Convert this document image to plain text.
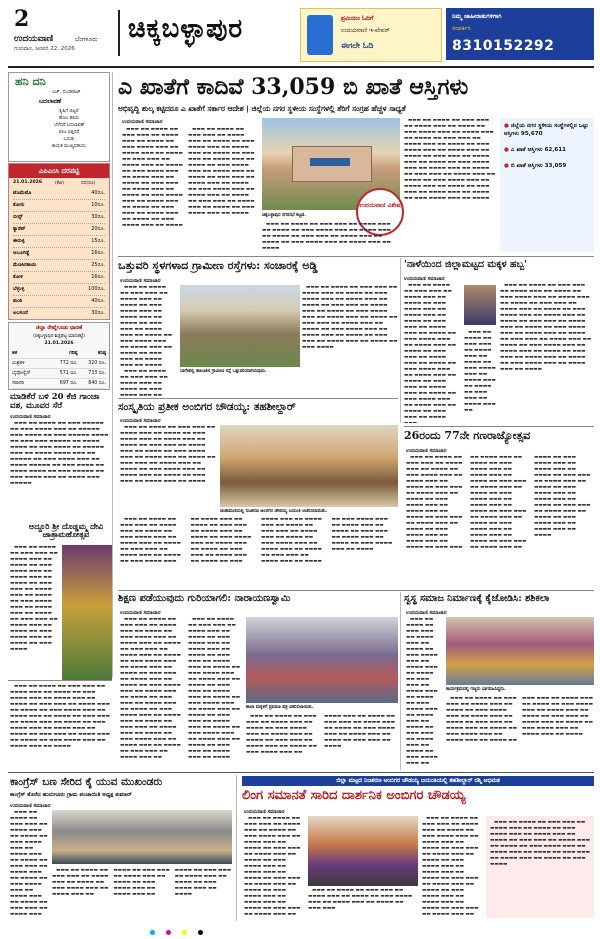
2
ಉದಯವಾಣಿ	ಬೆಂಗಳೂರು
ಗುರುವಾರ, ಜನವರಿ 22, 2026
ಚಿಕ್ಕಬಳ್ಳಾಪುರ	ಪ್ರಮಿಯಂ ಓದಿಗೆ
ಉದಯವಾಣಿ ಇ-ಪೇಪರ್
ಈಗಲೇ ಓದಿ
ನಿಮ್ಮ ಜಾಹೀರಾತುಗಳಿಗಾಗಿ
ಸಂಪರ್ಕಿಸಿ
8310152292
ಹನಿ ದನಿ
- ಎಚ್. ದುಂಡಿರಾಜ್
ಬದಲಾವಣೆ
ಕೃಷಿಗೆ ಬಿಟ್ಟರೆ
ಹೊಲ ಹಸಿರು
ಬೆಳೆದರೆ ಬದಲಾವಣೆ
ಬೀಜ ಬಿತ್ತಿದರೆ
ಬದುಕು
ಕಾಯಕ ಮುಖ್ಯವಹುದು
ಎಪಿಎಂಸಿ ದರಪಟ್ಟಿ
21.01.2026	(ಕೆಜಿ)	ದರ(ರೂ)
ಟೊಮೆಟೊ	40ರೂ.
ಕೋಸು	10ರೂ.
ಬೀನ್ಸ್	30ರೂ.
ಕ್ಯಾರೆಟ್	20ರೂ.
ಈರುಳ್ಳಿ	15ರೂ.
ಆಲೂಗಡ್ಡೆ	16ರೂ.
ಮೆಣಸಿನಕಾಯಿ	25ರೂ.
ಕೋಳಿ	16ರೂ.
ಬೆಳ್ಳುಳ್ಳಿ	100ರೂ.
ಶುಂಠಿ	40ರೂ.
ಅಲಸಂದೆ	30ರೂ.
ಜಿಲ್ಲಾ ರೇಷ್ಮೆಗೂಡು ಧಾರಣೆ
(ಚಿಕ್ಕಬಳ್ಳಾಪುರ-ಶಿಡ್ಲಘಟ್ಟ ಮಾರುಕಟ್ಟೆ)
21.01.2026
ತಳಿ	ಗರಿಷ್ಠ	ಕನಿಷ್ಠ
ಮಿಶ್ರತಳಿ	772 ರೂ.	320 ರೂ.
ಬೈವೋಲ್ಟಿನ್	571 ರೂ.	733 ರೂ.
ಸರಾಸರಿ	697 ರೂ.	840 ರೂ.
ಮಾಡಿಕೆರೆ ಬಳಿ 20 ಕೆಜಿ ಗಾಂಜಾ ವಶ, ಮೂವರ ಸೆರೆ
ಉದಯವಾಣಿ ಸಮಾಚಾರ

▬▬▬ ▬▬ ▬▬▬▬ ▬▬ ▬▬▬ ▬▬▬▬▬ ▬▬ ▬▬▬ ▬▬▬▬ ▬▬▬ ▬▬ ▬▬▬▬▬ ▬▬▬ ▬▬▬▬ ▬▬ ▬▬▬ ▬▬▬▬▬ ▬▬▬▬ ▬▬ ▬▬▬ ▬▬▬ ▬▬▬▬▬ ▬▬ ▬▬▬▬ ▬▬▬▬ ▬▬ ▬▬▬ ▬▬▬▬ ▬▬ ▬▬▬▬▬ ▬▬▬ ▬▬ ▬▬▬▬ ▬▬▬▬ ▬▬▬ ▬▬ ▬▬▬▬▬ ▬▬ ▬▬▬ ▬▬▬▬ ▬▬▬ ▬▬ ▬▬▬▬ ▬▬▬▬▬ ▬▬ ▬▬▬ ▬▬▬▬ ▬▬ ▬▬▬▬ ▬▬▬▬ ▬▬ ▬▬▬ ▬▬▬▬▬ ▬▬ ▬▬▬ ▬▬▬▬ ▬▬▬ ▬▬ ▬▬▬▬ ▬▬▬ ▬▬▬▬▬

ಅದ್ದೂರಿ ಶ್ರೀ ದೊಡ್ಡಮ್ಮ ದೇವಿ ಜಾತ್ರಾಮಹೋತ್ಸವ

▬▬▬ ▬▬ ▬▬▬▬ ▬▬ ▬▬▬ ▬▬▬ ▬▬ ▬▬▬▬ ▬▬▬ ▬▬ ▬▬▬▬ ▬▬ ▬▬▬ ▬▬▬▬ ▬▬▬ ▬▬ ▬▬▬▬ ▬▬▬ ▬▬ ▬▬▬▬ ▬▬ ▬▬▬ ▬▬▬ ▬▬ ▬▬▬▬ ▬▬▬ ▬▬ ▬▬▬▬ ▬▬ ▬▬▬ ▬▬▬▬ ▬▬▬ ▬▬ ▬▬▬▬ ▬▬▬ ▬▬ ▬▬▬▬ ▬▬ ▬▬▬ ▬▬▬ ▬▬ ▬▬▬▬ ▬▬▬ ▬▬ ▬▬▬▬ ▬▬ ▬▬▬ ▬▬▬▬ ▬▬▬ ▬▬ ▬▬▬▬ ▬▬ ▬▬▬ ▬▬▬▬

ಎ ಖಾತೆಗೆ ಕಾದಿವೆ 33,059 ಬಿ ಖಾತೆ ಆಸ್ತಿಗಳು
ಅಭಿವೃದ್ಧಿ ಶುಲ್ಕ ಕಟ್ಟಿದರೂ ಎ ಖಾತೆಗೆ ಸರ್ಕಾರ ಆದೇಶ | ಜಿಲ್ಲೆಯ ನಗರ ಸ್ಥಳೀಯ ಸಂಸ್ಥೆಗಳಲ್ಲಿ ತೆರಿಗೆ ಸಂಗ್ರಹ ಹೆಚ್ಚಳ ಸಾಧ್ಯತೆ
ಉದಯವಾಣಿ ಸಮಾಚಾರ

▬▬▬ ▬▬ ▬▬▬▬ ▬▬ ▬▬▬ ▬▬▬ ▬▬ ▬▬▬▬ ▬▬▬ ▬▬ ▬▬▬▬ ▬▬ ▬▬▬ ▬▬▬▬ ▬▬▬ ▬▬ ▬▬▬▬ ▬▬▬ ▬▬ ▬▬▬▬ ▬▬ ▬▬▬ ▬▬▬ ▬▬ ▬▬▬▬ ▬▬▬ ▬▬ ▬▬▬▬ ▬▬ ▬▬▬ ▬▬▬▬ ▬▬▬ ▬▬ ▬▬▬▬ ▬▬▬ ▬▬ ▬▬▬▬ ▬▬ ▬▬▬ ▬▬▬ ▬▬ ▬▬▬▬ ▬▬▬ ▬▬ ▬▬▬▬ ▬▬ ▬▬▬ ▬▬▬▬ ▬▬▬ ▬▬ ▬▬▬▬ ▬▬▬ ▬▬ ▬▬▬▬ ▬▬ ▬▬▬ ▬▬▬ ▬▬ ▬▬▬▬ ▬▬▬ ▬▬ ▬▬▬▬ ▬▬ ▬▬▬ ▬▬▬▬ ▬▬▬ ▬▬ ▬▬▬▬

▬▬▬ ▬▬ ▬▬▬▬ ▬▬ ▬▬▬ ▬▬▬ ▬▬ ▬▬▬▬ ▬▬▬ ▬▬ ▬▬▬▬ ▬▬ ▬▬▬ ▬▬▬▬ ▬▬▬ ▬▬ ▬▬▬▬ ▬▬▬ ▬▬ ▬▬▬▬ ▬▬ ▬▬▬ ▬▬▬ ▬▬ ▬▬▬▬ ▬▬▬ ▬▬ ▬▬▬▬ ▬▬ ▬▬▬ ▬▬▬▬ ▬▬▬ ▬▬ ▬▬▬▬ ▬▬▬ ▬▬ ▬▬▬▬ ▬▬ ▬▬▬ ▬▬▬ ▬▬ ▬▬▬▬ ▬▬▬ ▬▬ ▬▬▬▬ ▬▬ ▬▬▬ ▬▬▬▬ ▬▬▬ ▬▬ ▬▬▬▬ ▬▬▬ ▬▬ ▬▬▬▬ ▬▬ ▬▬▬ ▬▬▬ ▬▬ ▬▬▬▬ ▬▬▬ ▬▬ ▬▬▬▬ ▬▬ ▬▬▬ ▬▬▬▬ ▬▬▬ ▬▬ ▬▬▬▬

ಉದಯವಾಣಿ ವಿಶೇಷ
ಚಿಕ್ಕಬಳ್ಳಾಪುರ ನಗರಸಭೆ ಕಟ್ಟಡ.

▬▬▬ ▬▬ ▬▬▬▬ ▬▬ ▬▬▬ ▬▬▬ ▬▬ ▬▬▬▬ ▬▬▬ ▬▬ ▬▬▬▬ ▬▬ ▬▬▬ ▬▬▬▬ ▬▬▬ ▬▬ ▬▬▬▬ ▬▬▬ ▬▬ ▬▬▬▬ ▬▬ ▬▬▬ ▬▬▬ ▬▬ ▬▬▬▬ ▬▬▬ ▬▬ ▬▬▬▬ ▬▬ ▬▬▬ ▬▬▬▬ ▬▬▬ ▬▬ ▬▬▬▬ ▬▬▬ ▬▬ ▬▬▬▬

▬▬▬ ▬▬ ▬▬▬▬ ▬▬ ▬▬▬ ▬▬▬ ▬▬ ▬▬▬▬ ▬▬▬ ▬▬ ▬▬▬▬ ▬▬ ▬▬▬ ▬▬▬▬ ▬▬▬ ▬▬ ▬▬▬▬ ▬▬▬ ▬▬ ▬▬▬▬ ▬▬ ▬▬▬ ▬▬▬ ▬▬ ▬▬▬▬ ▬▬▬ ▬▬ ▬▬▬▬ ▬▬ ▬▬▬ ▬▬▬▬ ▬▬▬ ▬▬ ▬▬▬▬ ▬▬▬ ▬▬ ▬▬▬▬ ▬▬ ▬▬▬ ▬▬▬ ▬▬ ▬▬▬▬ ▬▬▬ ▬▬ ▬▬▬▬ ▬▬ ▬▬▬ ▬▬▬▬ ▬▬▬ ▬▬ ▬▬▬▬ ▬▬▬ ▬▬ ▬▬▬▬ ▬▬ ▬▬▬ ▬▬▬ ▬▬ ▬▬▬▬ ▬▬▬ ▬▬ ▬▬▬▬ ▬▬ ▬▬▬ ▬▬▬▬ ▬▬▬ ▬▬ ▬▬▬▬ ▬▬▬ ▬▬ ▬▬▬▬ ▬▬ ▬▬▬ ▬▬▬ ▬▬ ▬▬▬▬ ▬▬▬ ▬▬ ▬▬▬▬ ▬▬ ▬▬▬ ▬▬▬▬ ▬▬▬ ▬▬ ▬▬▬▬

● ಜಿಲ್ಲೆಯ ನಗರ ಸ್ಥಳೀಯ ಸಂಸ್ಥೆಗಳಲ್ಲಿನ ಒಟ್ಟು ಆಸ್ತಿಗಳು 95,670
● ಎ ಖಾತೆ ಆಸ್ತಿಗಳು 62,611
● ಬಿ ಖಾತೆ ಆಸ್ತಿಗಳು 33,059
ಒತ್ತುವರಿ ಸ್ಥಳಗಳಾದ ಗ್ರಾಮೀಣ ರಸ್ತೆಗಳು: ಸಂಚಾರಕ್ಕೆ ಅಡ್ಡಿ
ಉದಯವಾಣಿ ಸಮಾಚಾರ

▬▬▬ ▬▬ ▬▬▬▬ ▬▬ ▬▬▬ ▬▬▬ ▬▬ ▬▬▬▬ ▬▬▬ ▬▬ ▬▬▬▬ ▬▬ ▬▬▬ ▬▬▬▬ ▬▬▬ ▬▬ ▬▬▬▬ ▬▬▬ ▬▬ ▬▬▬▬ ▬▬ ▬▬▬ ▬▬▬ ▬▬ ▬▬▬▬ ▬▬▬ ▬▬ ▬▬▬▬ ▬▬ ▬▬▬ ▬▬▬▬ ▬▬▬ ▬▬ ▬▬▬▬ ▬▬▬ ▬▬ ▬▬▬▬ ▬▬ ▬▬▬ ▬▬▬ ▬▬ ▬▬▬▬ ▬▬▬ ▬▬ ▬▬▬▬

▬▬▬ ▬▬ ▬▬▬▬ ▬▬ ▬▬▬ ▬▬▬ ▬▬ ▬▬▬▬ ▬▬▬ ▬▬ ▬▬▬▬ ▬▬ ▬▬▬ ▬▬▬▬ ▬▬▬ ▬▬ ▬▬▬▬ ▬▬▬ ▬▬ ▬▬▬▬ ▬▬ ▬▬▬ ▬▬▬ ▬▬ ▬▬▬▬ ▬▬▬ ▬▬ ▬▬▬▬ ▬▬ ▬▬▬ ▬▬▬▬ ▬▬▬ ▬▬ ▬▬▬▬ ▬▬▬ ▬▬ ▬▬▬▬ ▬▬ ▬▬▬ ▬▬▬ ▬▬ ▬▬▬▬ ▬▬▬ ▬▬ ▬▬▬▬ ▬▬ ▬▬▬ ▬▬▬▬ ▬▬▬ ▬▬ ▬▬▬▬ ▬▬▬ ▬▬ ▬▬▬▬ ▬▬ ▬▬▬ ▬▬▬ ▬▬ ▬▬▬▬ ▬▬▬ ▬▬ ▬▬▬▬ ▬▬ ▬▬▬ ▬▬▬▬

ಬಾಗೇಪಲ್ಲಿ ತಾಲೂಕಿನ ಗ್ರಾಮೀಣ ರಸ್ತೆ ಒತ್ತುವರಿಯಾಗಿರುವುದು.

▬▬▬ ▬▬ ▬▬▬▬ ▬▬ ▬▬▬ ▬▬▬ ▬▬ ▬▬▬▬ ▬▬▬ ▬▬ ▬▬▬▬ ▬▬ ▬▬▬ ▬▬▬▬ ▬▬▬ ▬▬

'ನಾಳೆಯಿಂದ ಜಿಲ್ಲಾಮಟ್ಟದ ಮಕ್ಕಳ ಹಬ್ಬ'
ಉದಯವಾಣಿ ಸಮಾಚಾರ

▬▬▬ ▬▬ ▬▬▬▬ ▬▬ ▬▬▬ ▬▬▬ ▬▬ ▬▬▬▬ ▬▬▬ ▬▬ ▬▬▬▬ ▬▬ ▬▬▬ ▬▬▬▬ ▬▬▬ ▬▬ ▬▬▬▬ ▬▬▬ ▬▬ ▬▬▬▬ ▬▬ ▬▬▬ ▬▬▬ ▬▬ ▬▬▬▬ ▬▬▬ ▬▬ ▬▬▬▬ ▬▬ ▬▬▬ ▬▬▬▬ ▬▬▬ ▬▬ ▬▬▬▬ ▬▬▬ ▬▬ ▬▬▬▬ ▬▬ ▬▬▬ ▬▬▬ ▬▬ ▬▬▬▬ ▬▬▬ ▬▬ ▬▬▬▬ ▬▬ ▬▬▬ ▬▬▬▬ ▬▬▬ ▬▬ ▬▬▬▬ ▬▬▬ ▬▬ ▬▬▬▬ ▬▬ ▬▬▬ ▬▬▬ ▬▬ ▬▬▬▬ ▬▬▬ ▬▬ ▬▬▬▬ ▬▬ ▬▬▬ ▬▬▬▬ ▬▬▬ ▬▬ ▬▬▬▬ ▬▬▬ ▬▬ ▬▬▬▬ ▬▬ ▬▬▬ ▬▬▬ ▬▬ ▬▬▬▬

▬▬▬ ▬▬ ▬▬▬▬ ▬▬ ▬▬▬ ▬▬▬ ▬▬ ▬▬▬▬ ▬▬▬ ▬▬ ▬▬▬▬ ▬▬ ▬▬▬ ▬▬▬▬ ▬▬▬ ▬▬ ▬▬▬▬ ▬▬▬ ▬▬ ▬▬▬▬ ▬▬ ▬▬▬ ▬▬▬ ▬▬ ▬▬▬▬ ▬▬▬ ▬▬ ▬▬▬▬ ▬▬ ▬▬▬ ▬▬▬▬ ▬▬▬ ▬▬ ▬▬▬▬ ▬▬▬ ▬▬ ▬▬▬▬ ▬▬ ▬▬▬ ▬▬▬ ▬▬ ▬▬▬▬ ▬▬▬ ▬▬ ▬▬▬▬ ▬▬ ▬▬▬ ▬▬▬▬ ▬▬▬ ▬▬ ▬▬▬▬ ▬▬▬ ▬▬ ▬▬▬▬ ▬▬ ▬▬▬ ▬▬▬ ▬▬ ▬▬▬▬ ▬▬▬ ▬▬ ▬▬▬▬ ▬▬ ▬▬▬ ▬▬▬▬ ▬▬▬ ▬▬ ▬▬▬▬ ▬▬▬ ▬▬ ▬▬▬▬ ▬▬ ▬▬▬ ▬▬▬ ▬▬ ▬▬▬▬ ▬▬▬ ▬▬ ▬▬▬▬ ▬▬ ▬▬▬ ▬▬▬▬ ▬▬▬ ▬▬ ▬▬▬▬ ▬▬▬ ▬▬ ▬▬▬▬

▬▬▬ ▬▬ ▬▬▬▬ ▬▬ ▬▬▬ ▬▬▬ ▬▬ ▬▬▬▬ ▬▬▬ ▬▬ ▬▬▬▬ ▬▬ ▬▬▬ ▬▬▬▬ ▬▬▬ ▬▬ ▬▬▬▬ ▬▬▬ ▬▬ ▬▬▬▬ ▬▬ ▬▬▬ ▬▬▬ ▬▬ ▬▬▬▬ ▬▬▬ ▬▬

ಸಂಸ್ಕೃತಿಯ ಪ್ರತೀಕ ಅಂಬಿಗರ ಚೌಡಯ್ಯ: ತಹಶೀಲ್ದಾರ್
ಉದಯವಾಣಿ ಸಮಾಚಾರ

▬▬▬ ▬▬ ▬▬▬▬ ▬▬ ▬▬▬ ▬▬▬ ▬▬ ▬▬▬▬ ▬▬▬ ▬▬ ▬▬▬▬ ▬▬ ▬▬▬ ▬▬▬▬ ▬▬▬ ▬▬ ▬▬▬▬ ▬▬▬ ▬▬ ▬▬▬▬ ▬▬ ▬▬▬ ▬▬▬ ▬▬ ▬▬▬▬ ▬▬▬ ▬▬ ▬▬▬▬ ▬▬ ▬▬▬ ▬▬▬▬ ▬▬▬ ▬▬ ▬▬▬▬ ▬▬▬ ▬▬ ▬▬▬▬ ▬▬ ▬▬▬ ▬▬▬ ▬▬ ▬▬▬▬ ▬▬▬ ▬▬ ▬▬▬▬ ▬▬ ▬▬▬ ▬▬▬▬ ▬▬▬ ▬▬ ▬▬▬▬ ▬▬▬ ▬▬ ▬▬▬▬ ▬▬ ▬▬▬ ▬▬▬ ▬▬ ▬▬▬▬ ▬▬▬ ▬▬ ▬▬▬▬

ಚಿಂತಾಮಣಿಯಲ್ಲಿ ನಿಜಶರಣ ಅಂಬಿಗರ ಚೌಡಯ್ಯ ಜಯಂತಿ ಆಚರಿಸಲಾಯಿತು.

▬▬▬ ▬▬ ▬▬▬▬ ▬▬ ▬▬▬ ▬▬▬ ▬▬ ▬▬▬▬ ▬▬▬ ▬▬ ▬▬▬▬ ▬▬ ▬▬▬ ▬▬▬▬ ▬▬▬ ▬▬ ▬▬▬▬ ▬▬▬ ▬▬ ▬▬▬▬ ▬▬ ▬▬▬ ▬▬▬ ▬▬ ▬▬▬▬ ▬▬▬ ▬▬ ▬▬▬▬ ▬▬ ▬▬▬ ▬▬▬▬ ▬▬▬ ▬▬ ▬▬▬▬ ▬▬▬ ▬▬ ▬▬▬▬ ▬▬ ▬▬▬ ▬▬▬ ▬▬ ▬▬▬▬ ▬▬▬ ▬▬ ▬▬▬▬ ▬▬ ▬▬▬ ▬▬▬▬ ▬▬▬ ▬▬ ▬▬▬▬ ▬▬▬ ▬▬ ▬▬▬▬ ▬▬ ▬▬▬ ▬▬▬ ▬▬ ▬▬▬▬ ▬▬▬ ▬▬ ▬▬▬▬ ▬▬ ▬▬▬ ▬▬▬▬ ▬▬▬ ▬▬ ▬▬▬▬ ▬▬▬ ▬▬ ▬▬▬▬ ▬▬ ▬▬▬ ▬▬▬ ▬▬ ▬▬▬▬ ▬▬▬ ▬▬ ▬▬▬▬ ▬▬ ▬▬▬ ▬▬▬▬ ▬▬▬ ▬▬ ▬▬▬▬ ▬▬▬ ▬▬ ▬▬▬▬ ▬▬ ▬▬▬ ▬▬▬ ▬▬ ▬▬▬▬ ▬▬▬ ▬▬ ▬▬▬▬ ▬▬ ▬▬▬ ▬▬▬▬ ▬▬▬ ▬▬ ▬▬▬▬ ▬▬▬ ▬▬ ▬▬▬▬ ▬▬ ▬▬▬ ▬▬▬ ▬▬ ▬▬▬▬ ▬▬▬ ▬▬ ▬▬▬▬ ▬▬ ▬▬▬ ▬▬▬▬ ▬▬▬ ▬▬ ▬▬▬▬

26ರಂದು 77ನೇ ಗಣರಾಜ್ಯೋತ್ಸವ
ಉದಯವಾಣಿ ಸಮಾಚಾರ

▬▬▬ ▬▬ ▬▬▬▬ ▬▬ ▬▬▬ ▬▬▬ ▬▬ ▬▬▬▬ ▬▬▬ ▬▬ ▬▬▬▬ ▬▬ ▬▬▬ ▬▬▬▬ ▬▬▬ ▬▬ ▬▬▬▬ ▬▬▬ ▬▬ ▬▬▬▬ ▬▬ ▬▬▬ ▬▬▬ ▬▬ ▬▬▬▬ ▬▬▬ ▬▬ ▬▬▬▬ ▬▬ ▬▬▬ ▬▬▬▬ ▬▬▬ ▬▬ ▬▬▬▬ ▬▬▬ ▬▬ ▬▬▬▬ ▬▬ ▬▬▬ ▬▬▬ ▬▬ ▬▬▬▬ ▬▬▬ ▬▬ ▬▬▬▬ ▬▬ ▬▬▬ ▬▬▬▬ ▬▬▬ ▬▬ ▬▬▬▬ ▬▬▬ ▬▬ ▬▬▬▬ ▬▬ ▬▬▬ ▬▬▬ ▬▬ ▬▬▬▬ ▬▬▬ ▬▬ ▬▬▬▬ ▬▬ ▬▬▬ ▬▬▬▬ ▬▬▬ ▬▬ ▬▬▬▬ ▬▬▬ ▬▬ ▬▬▬▬ ▬▬ ▬▬▬ ▬▬▬ ▬▬ ▬▬▬▬ ▬▬▬ ▬▬ ▬▬▬▬ ▬▬ ▬▬▬ ▬▬▬▬ ▬▬▬ ▬▬ ▬▬▬▬ ▬▬▬ ▬▬ ▬▬▬▬ ▬▬ ▬▬▬ ▬▬▬ ▬▬ ▬▬▬▬ ▬▬▬ ▬▬ ▬▬▬▬ ▬▬ ▬▬▬ ▬▬▬▬ ▬▬▬ ▬▬ ▬▬▬▬ ▬▬▬ ▬▬ ▬▬▬▬ ▬▬ ▬▬▬ ▬▬▬ ▬▬ ▬▬▬▬ ▬▬▬ ▬▬ ▬▬▬▬ ▬▬ ▬▬▬ ▬▬▬▬ ▬▬▬ ▬▬ ▬▬▬▬ ▬▬▬ ▬▬ ▬▬▬▬ ▬▬ ▬▬▬ ▬▬▬ ▬▬ ▬▬▬▬ ▬▬▬ ▬▬ ▬▬▬▬ ▬▬ ▬▬▬ ▬▬▬▬ ▬▬▬ ▬▬ ▬▬▬▬ ▬▬▬ ▬▬ ▬▬▬▬ ▬▬ ▬▬▬ ▬▬▬ ▬▬ ▬▬▬▬ ▬▬▬ ▬▬ ▬▬▬▬ ▬▬ ▬▬▬ ▬▬▬▬ ▬▬▬ ▬▬ ▬▬▬▬ ▬▬▬ ▬▬ ▬▬▬▬

ಶಿಕ್ಷಣ ಪಡೆಯುವುದು ಗುರಿಯಾಗಲಿ: ನಾರಾಯಣಸ್ವಾಮಿ
ಉದಯವಾಣಿ ಸಮಾಚಾರ

▬▬▬ ▬▬ ▬▬▬▬ ▬▬ ▬▬▬ ▬▬▬ ▬▬ ▬▬▬▬ ▬▬▬ ▬▬ ▬▬▬▬ ▬▬ ▬▬▬ ▬▬▬▬ ▬▬▬ ▬▬ ▬▬▬▬ ▬▬▬ ▬▬ ▬▬▬▬ ▬▬ ▬▬▬ ▬▬▬ ▬▬ ▬▬▬▬ ▬▬▬ ▬▬ ▬▬▬▬ ▬▬ ▬▬▬ ▬▬▬▬ ▬▬▬ ▬▬ ▬▬▬▬ ▬▬▬ ▬▬ ▬▬▬▬ ▬▬ ▬▬▬ ▬▬▬ ▬▬ ▬▬▬▬ ▬▬▬ ▬▬ ▬▬▬▬ ▬▬ ▬▬▬ ▬▬▬▬ ▬▬▬ ▬▬ ▬▬▬▬ ▬▬▬ ▬▬ ▬▬▬▬ ▬▬ ▬▬▬ ▬▬▬ ▬▬ ▬▬▬▬ ▬▬▬ ▬▬ ▬▬▬▬ ▬▬ ▬▬▬ ▬▬▬▬ ▬▬▬ ▬▬ ▬▬▬▬ ▬▬▬ ▬▬ ▬▬▬▬ ▬▬ ▬▬▬ ▬▬▬ ▬▬ ▬▬▬▬ ▬▬▬ ▬▬ ▬▬▬▬ ▬▬ ▬▬▬ ▬▬▬▬ ▬▬▬ ▬▬ ▬▬▬▬ ▬▬▬ ▬▬ ▬▬▬▬ ▬▬ ▬▬▬ ▬▬▬ ▬▬ ▬▬▬▬ ▬▬▬ ▬▬

▬▬▬ ▬▬ ▬▬▬▬ ▬▬ ▬▬▬ ▬▬▬ ▬▬ ▬▬▬▬ ▬▬▬ ▬▬ ▬▬▬▬ ▬▬ ▬▬▬ ▬▬▬▬ ▬▬▬ ▬▬ ▬▬▬▬ ▬▬▬ ▬▬ ▬▬▬▬ ▬▬ ▬▬▬ ▬▬▬ ▬▬ ▬▬▬▬ ▬▬▬ ▬▬ ▬▬▬▬ ▬▬ ▬▬▬ ▬▬▬▬ ▬▬▬ ▬▬ ▬▬▬▬ ▬▬▬ ▬▬ ▬▬▬▬ ▬▬ ▬▬▬ ▬▬▬ ▬▬ ▬▬▬▬ ▬▬▬ ▬▬ ▬▬▬▬ ▬▬ ▬▬▬ ▬▬▬▬ ▬▬▬ ▬▬ ▬▬▬▬ ▬▬▬ ▬▬ ▬▬▬▬ ▬▬ ▬▬▬ ▬▬▬ ▬▬ ▬▬▬▬ ▬▬▬ ▬▬ ▬▬▬▬ ▬▬ ▬▬▬ ▬▬▬▬ ▬▬▬ ▬▬ ▬▬▬▬ ▬▬▬ ▬▬ ▬▬▬▬ ▬▬ ▬▬▬ ▬▬▬ ▬▬ ▬▬▬▬ ▬▬▬ ▬▬ ▬▬▬▬

ಶಾಲಾ ಮಕ್ಕಳಿಗೆ ಪ್ರಮಾಣ ಪತ್ರ ವಿತರಿಸಲಾಯಿತು.

▬▬▬ ▬▬ ▬▬▬▬ ▬▬ ▬▬▬ ▬▬▬ ▬▬ ▬▬▬▬ ▬▬▬ ▬▬ ▬▬▬▬ ▬▬ ▬▬▬ ▬▬▬▬ ▬▬▬ ▬▬ ▬▬▬▬ ▬▬▬ ▬▬ ▬▬▬▬ ▬▬ ▬▬▬ ▬▬▬ ▬▬ ▬▬▬▬ ▬▬▬ ▬▬ ▬▬▬▬ ▬▬ ▬▬▬ ▬▬▬▬ ▬▬▬ ▬▬ ▬▬▬▬ ▬▬▬ ▬▬ ▬▬▬▬ ▬▬ ▬▬▬ ▬▬▬ ▬▬ ▬▬▬▬ ▬▬▬ ▬▬ ▬▬▬▬ ▬▬ ▬▬▬ ▬▬▬▬ ▬▬▬ ▬▬ ▬▬▬▬ ▬▬▬ ▬▬ ▬▬▬▬ ▬▬ ▬▬▬ ▬▬▬ ▬▬ ▬▬▬▬

ಸ್ವಸ್ಥ ಸಮಾಜ ನಿರ್ಮಾಣಕ್ಕೆ ಕೈಜೋಡಿಸಿ: ಶಶಿಕಲಾ
ಉದಯವಾಣಿ ಸಮಾಚಾರ

▬▬▬ ▬▬ ▬▬▬▬ ▬▬ ▬▬▬ ▬▬▬ ▬▬ ▬▬▬▬ ▬▬▬ ▬▬ ▬▬▬▬ ▬▬ ▬▬▬ ▬▬▬▬ ▬▬▬ ▬▬ ▬▬▬▬ ▬▬▬ ▬▬ ▬▬▬▬ ▬▬ ▬▬▬ ▬▬▬ ▬▬ ▬▬▬▬ ▬▬▬ ▬▬ ▬▬▬▬ ▬▬ ▬▬▬ ▬▬▬▬ ▬▬▬ ▬▬ ▬▬▬▬ ▬▬▬ ▬▬ ▬▬▬▬ ▬▬ ▬▬▬ ▬▬▬ ▬▬ ▬▬▬▬ ▬▬▬ ▬▬ ▬▬▬▬ ▬▬ ▬▬▬ ▬▬▬▬ ▬▬▬ ▬▬

ಕಾರ್ಯಕ್ರಮದಲ್ಲಿ ಗಣ್ಯರು ಭಾಗವಹಿಸಿದ್ದರು.

▬▬▬ ▬▬ ▬▬▬▬ ▬▬ ▬▬▬ ▬▬▬ ▬▬ ▬▬▬▬ ▬▬▬ ▬▬ ▬▬▬▬ ▬▬ ▬▬▬ ▬▬▬▬ ▬▬▬ ▬▬ ▬▬▬▬ ▬▬▬ ▬▬ ▬▬▬▬ ▬▬ ▬▬▬ ▬▬▬ ▬▬ ▬▬▬▬ ▬▬▬ ▬▬ ▬▬▬▬ ▬▬ ▬▬▬ ▬▬▬▬ ▬▬▬ ▬▬ ▬▬▬▬ ▬▬▬ ▬▬ ▬▬▬▬ ▬▬ ▬▬▬ ▬▬▬ ▬▬ ▬▬▬▬ ▬▬▬ ▬▬ ▬▬▬▬ ▬▬ ▬▬▬ ▬▬▬▬ ▬▬▬ ▬▬ ▬▬▬▬ ▬▬▬ ▬▬ ▬▬▬▬ ▬▬ ▬▬▬ ▬▬▬ ▬▬ ▬▬▬▬ ▬▬▬ ▬▬ ▬▬▬▬ ▬▬ ▬▬▬ ▬▬▬▬ ▬▬▬ ▬▬ ▬▬▬▬ ▬▬▬ ▬▬ ▬▬▬▬

▬▬▬ ▬▬ ▬▬▬▬ ▬▬ ▬▬▬ ▬▬▬ ▬▬ ▬▬▬▬ ▬▬▬ ▬▬ ▬▬▬▬ ▬▬ ▬▬▬ ▬▬▬▬ ▬▬▬ ▬▬ ▬▬▬▬ ▬▬▬ ▬▬ ▬▬▬▬ ▬▬ ▬▬▬ ▬▬▬ ▬▬ ▬▬▬▬ ▬▬▬ ▬▬ ▬▬▬▬ ▬▬ ▬▬▬ ▬▬▬▬ ▬▬▬ ▬▬ ▬▬▬▬ ▬▬▬ ▬▬ ▬▬▬▬ ▬▬ ▬▬▬ ▬▬▬ ▬▬ ▬▬▬▬ ▬▬▬ ▬▬ ▬▬▬▬ ▬▬ ▬▬▬ ▬▬▬▬ ▬▬▬ ▬▬ ▬▬▬▬ ▬▬▬ ▬▬ ▬▬▬▬ ▬▬ ▬▬▬ ▬▬▬ ▬▬ ▬▬▬▬ ▬▬▬ ▬▬ ▬▬▬▬ ▬▬ ▬▬▬ ▬▬▬▬ ▬▬▬ ▬▬ ▬▬▬▬ ▬▬▬ ▬▬ ▬▬▬▬

ಕಾಂಗ್ರೆಸ್ ಬಣ ಸೇರಿದ ಕೈ ಯುವ ಮುಖಂಡರು
ಕಾಂಗ್ರೆಸ್ ತೊರೆದ ಹುದುಗೂರು ಗ್ರಾಮ ಪಂಚಾಯಿತಿ ಅಧ್ಯಕ್ಷ ಕುಮಾರ್
ಉದಯವಾಣಿ ಸಮಾಚಾರ

▬▬▬ ▬▬ ▬▬▬▬ ▬▬ ▬▬▬ ▬▬▬ ▬▬ ▬▬▬▬ ▬▬▬ ▬▬ ▬▬▬▬ ▬▬ ▬▬▬ ▬▬▬▬ ▬▬▬ ▬▬ ▬▬▬▬ ▬▬▬ ▬▬ ▬▬▬▬ ▬▬ ▬▬▬ ▬▬▬ ▬▬ ▬▬▬▬ ▬▬▬ ▬▬ ▬▬▬▬ ▬▬ ▬▬▬ ▬▬▬▬ ▬▬▬ ▬▬ ▬▬▬▬ ▬▬▬ ▬▬ ▬▬▬▬ ▬▬ ▬▬▬ ▬▬▬ ▬▬ ▬▬▬▬ ▬▬▬

▬▬▬ ▬▬ ▬▬▬▬ ▬▬ ▬▬▬ ▬▬▬ ▬▬ ▬▬▬▬ ▬▬▬ ▬▬ ▬▬▬▬ ▬▬ ▬▬▬ ▬▬▬▬ ▬▬▬ ▬▬ ▬▬▬▬ ▬▬▬ ▬▬ ▬▬▬▬ ▬▬ ▬▬▬ ▬▬▬ ▬▬ ▬▬▬▬ ▬▬▬ ▬▬ ▬▬▬▬ ▬▬ ▬▬▬ ▬▬▬▬ ▬▬▬ ▬▬ ▬▬▬▬ ▬▬▬ ▬▬ ▬▬▬▬ ▬▬ ▬▬▬ ▬▬▬ ▬▬ ▬▬▬▬ ▬▬▬ ▬▬ ▬▬▬▬ ▬▬ ▬▬▬ ▬▬▬▬ ▬▬▬ ▬▬ ▬▬▬▬

ಜಿಲ್ಲಾ ಮಟ್ಟದ ನಿಜಶರಣ ಅಂಬಿಗರ ಚೌಡಯ್ಯ ಜಯಂತಿಯಲ್ಲಿ ತಹಶೀಲ್ದಾರ್ ರಶ್ಮಿ ಅಭಿಮತ
ಲಿಂಗ ಸಮಾನತೆ ಸಾರಿದ ದಾರ್ಶನಿಕ ಅಂಬಿಗರ ಚೌಡಯ್ಯ
ಉದಯವಾಣಿ ಸಮಾಚಾರ

▬▬▬ ▬▬ ▬▬▬▬ ▬▬ ▬▬▬ ▬▬▬ ▬▬ ▬▬▬▬ ▬▬▬ ▬▬ ▬▬▬▬ ▬▬ ▬▬▬ ▬▬▬▬ ▬▬▬ ▬▬ ▬▬▬▬ ▬▬▬ ▬▬ ▬▬▬▬ ▬▬ ▬▬▬ ▬▬▬ ▬▬ ▬▬▬▬ ▬▬▬ ▬▬ ▬▬▬▬ ▬▬ ▬▬▬ ▬▬▬▬ ▬▬▬ ▬▬ ▬▬▬▬ ▬▬▬ ▬▬ ▬▬▬▬ ▬▬ ▬▬▬ ▬▬▬ ▬▬ ▬▬▬▬ ▬▬▬ ▬▬ ▬▬▬▬ ▬▬ ▬▬▬ ▬▬▬▬ ▬▬▬ ▬▬ ▬▬▬▬ ▬▬▬ ▬▬ ▬▬▬▬ ▬▬ ▬▬▬ ▬▬▬ ▬▬ ▬▬▬▬ ▬▬▬ ▬▬

▬▬▬ ▬▬ ▬▬▬▬ ▬▬ ▬▬▬ ▬▬▬ ▬▬ ▬▬▬▬ ▬▬▬ ▬▬ ▬▬▬▬ ▬▬ ▬▬▬ ▬▬▬▬ ▬▬▬ ▬▬ ▬▬▬▬ ▬▬▬ ▬▬ ▬▬▬▬ ▬▬ ▬▬▬ ▬▬▬

▬▬▬ ▬▬ ▬▬▬▬ ▬▬ ▬▬▬ ▬▬▬ ▬▬ ▬▬▬▬ ▬▬▬ ▬▬ ▬▬▬▬ ▬▬ ▬▬▬ ▬▬▬▬ ▬▬▬ ▬▬ ▬▬▬▬ ▬▬▬ ▬▬ ▬▬▬▬ ▬▬ ▬▬▬ ▬▬▬ ▬▬ ▬▬▬▬ ▬▬▬ ▬▬ ▬▬▬▬ ▬▬ ▬▬▬ ▬▬▬▬ ▬▬▬ ▬▬ ▬▬▬▬ ▬▬▬ ▬▬ ▬▬▬▬ ▬▬ ▬▬▬ ▬▬▬ ▬▬ ▬▬▬▬ ▬▬▬ ▬▬ ▬▬▬▬ ▬▬ ▬▬▬ ▬▬▬▬ ▬▬▬ ▬▬ ▬▬▬▬ ▬▬▬ ▬▬ ▬▬▬▬ ▬▬ ▬▬▬ ▬▬▬ ▬▬ ▬▬▬▬ ▬▬▬ ▬▬

▬▬▬ ▬▬ ▬▬▬▬ ▬▬ ▬▬▬ ▬▬▬ ▬▬ ▬▬▬▬ ▬▬▬ ▬▬ ▬▬▬▬ ▬▬ ▬▬▬ ▬▬▬▬ ▬▬▬ ▬▬ ▬▬▬▬ ▬▬▬ ▬▬ ▬▬▬▬ ▬▬ ▬▬▬ ▬▬▬ ▬▬ ▬▬▬▬ ▬▬▬ ▬▬ ▬▬▬▬ ▬▬ ▬▬▬ ▬▬▬▬ ▬▬▬ ▬▬ ▬▬▬▬ ▬▬▬ ▬▬ ▬▬▬▬ ▬▬ ▬▬▬ ▬▬▬ ▬▬ ▬▬▬▬ ▬▬▬ ▬▬ ▬▬▬▬ ▬▬ ▬▬▬ ▬▬▬▬
